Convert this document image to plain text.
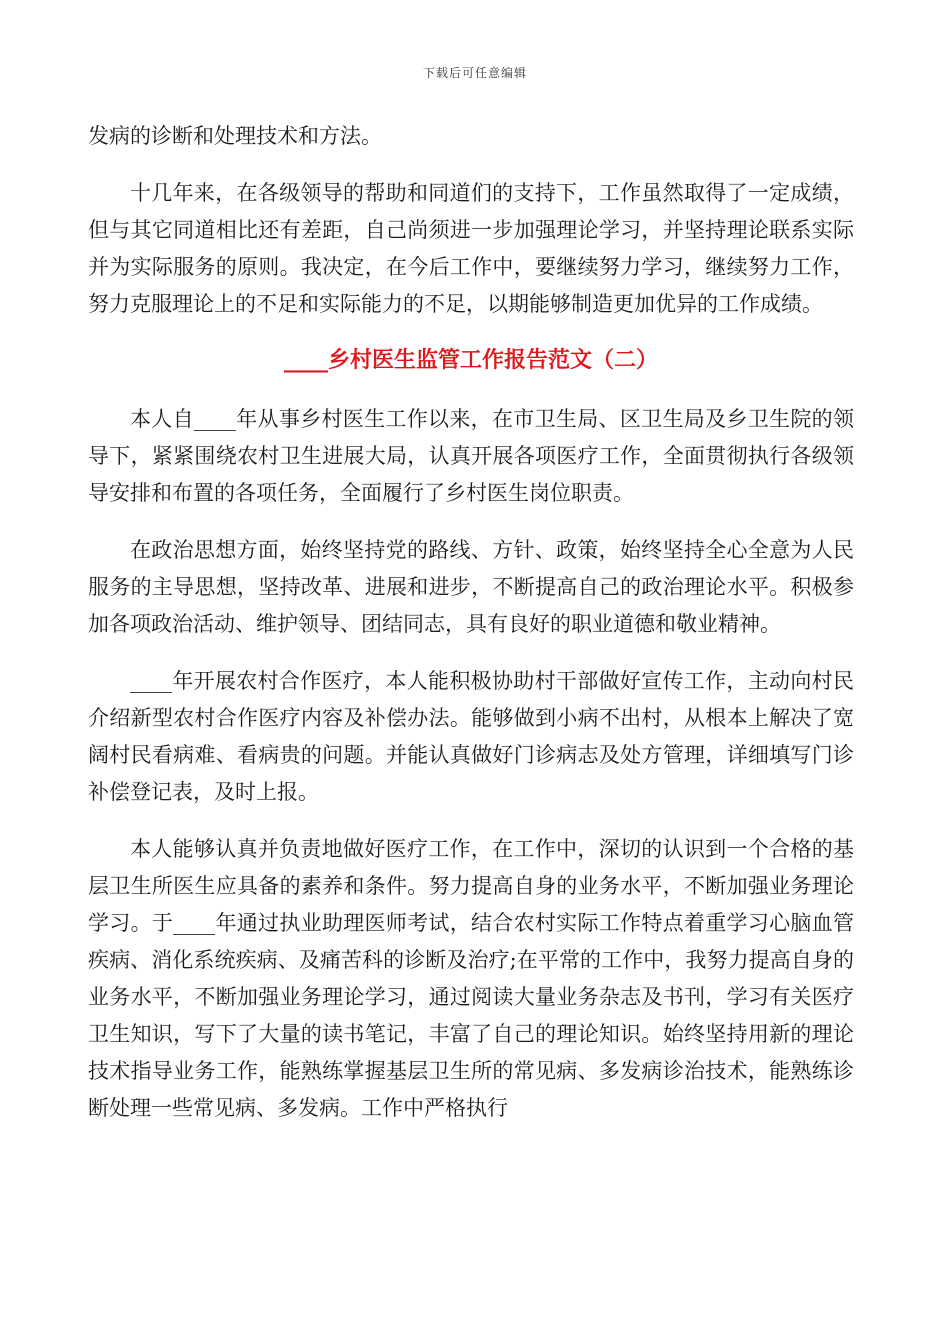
下载后可任意编辑

发病的诊断和处理技术和方法。

十几年来，在各级领导的帮助和同道们的支持下，工作虽然取得了一定成绩，但与其它同道相比还有差距，自己尚须进一步加强理论学习，并坚持理论联系实际并为实际服务的原则。我决定，在今后工作中，要继续努力学习，继续努力工作，努力克服理论上的不足和实际能力的不足，以期能够制造更加优异的工作成绩。

____乡村医生监管工作报告范文（二）

本人自____年从事乡村医生工作以来，在市卫生局、区卫生局及乡卫生院的领导下，紧紧围绕农村卫生进展大局，认真开展各项医疗工作，全面贯彻执行各级领导安排和布置的各项任务，全面履行了乡村医生岗位职责。

在政治思想方面，始终坚持党的路线、方针、政策，始终坚持全心全意为人民服务的主导思想，坚持改革、进展和进步，不断提高自己的政治理论水平。积极参加各项政治活动、维护领导、团结同志，具有良好的职业道德和敬业精神。

____年开展农村合作医疗，本人能积极协助村干部做好宣传工作，主动向村民介绍新型农村合作医疗内容及补偿办法。能够做到小病不出村，从根本上解决了宽阔村民看病难、看病贵的问题。并能认真做好门诊病志及处方管理，详细填写门诊补偿登记表，及时上报。

本人能够认真并负责地做好医疗工作，在工作中，深切的认识到一个合格的基层卫生所医生应具备的素养和条件。努力提高自身的业务水平，不断加强业务理论学习。于____年通过执业助理医师考试，结合农村实际工作特点着重学习心脑血管疾病、消化系统疾病、及痛苦科的诊断及治疗;在平常的工作中，我努力提高自身的业务水平，不断加强业务理论学习，通过阅读大量业务杂志及书刊，学习有关医疗卫生知识，写下了大量的读书笔记，丰富了自己的理论知识。始终坚持用新的理论技术指导业务工作，能熟练掌握基层卫生所的常见病、多发病诊治技术，能熟练诊断处理一些常见病、多发病。工作中严格执行
